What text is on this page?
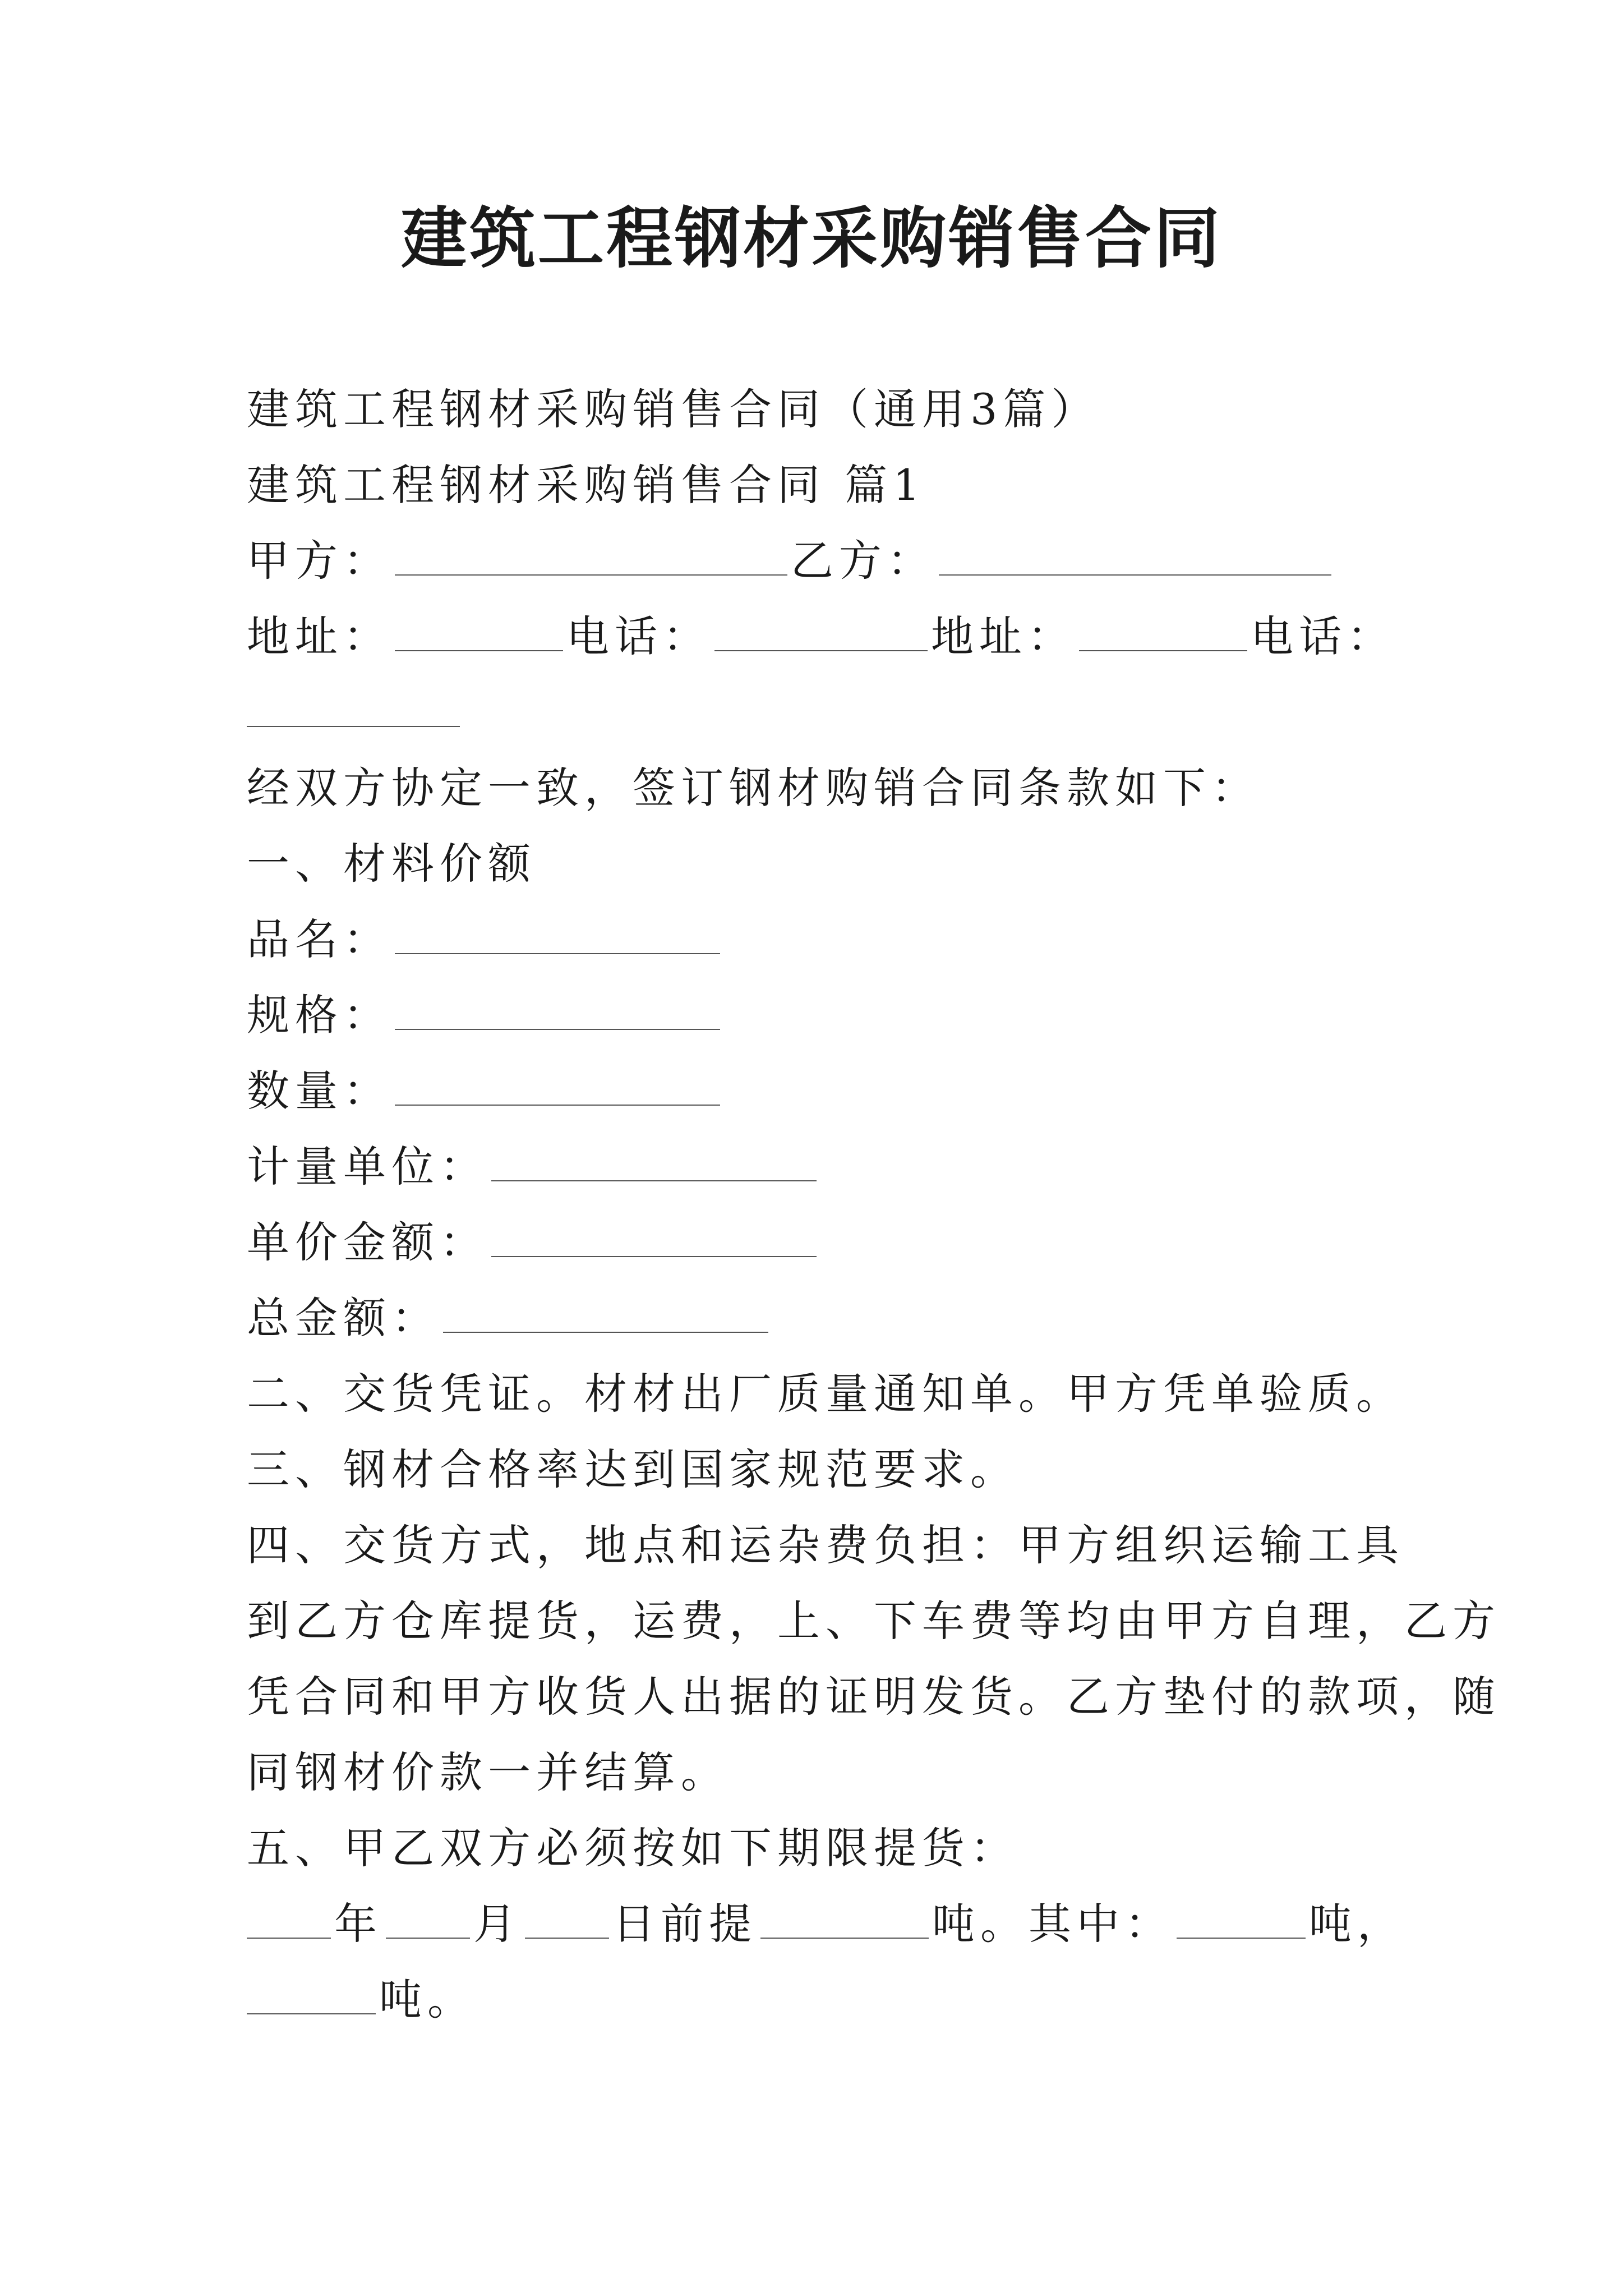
建筑工程钢材采购销售合同
建筑工程钢材采购销售合同（通用3篇）
建筑工程钢材采购销售合同 篇1
甲方：	乙方：
地址：	电话：	地址：	电话：
经双方协定一致，签订钢材购销合同条款如下：
一、材料价额
品名：
规格：
数量：
计量单位：
单价金额：
总金额：
二、交货凭证。材材出厂质量通知单。甲方凭单验质。
三、钢材合格率达到国家规范要求。
四、交货方式，地点和运杂费负担：甲方组织运输工具
到乙方仓库提货，运费，上、下车费等均由甲方自理，乙方
凭合同和甲方收货人出据的证明发货。乙方垫付的款项，随
同钢材价款一并结算。
五、甲乙双方必须按如下期限提货：
年 月 日前提	吨。其中：	吨，
吨。
